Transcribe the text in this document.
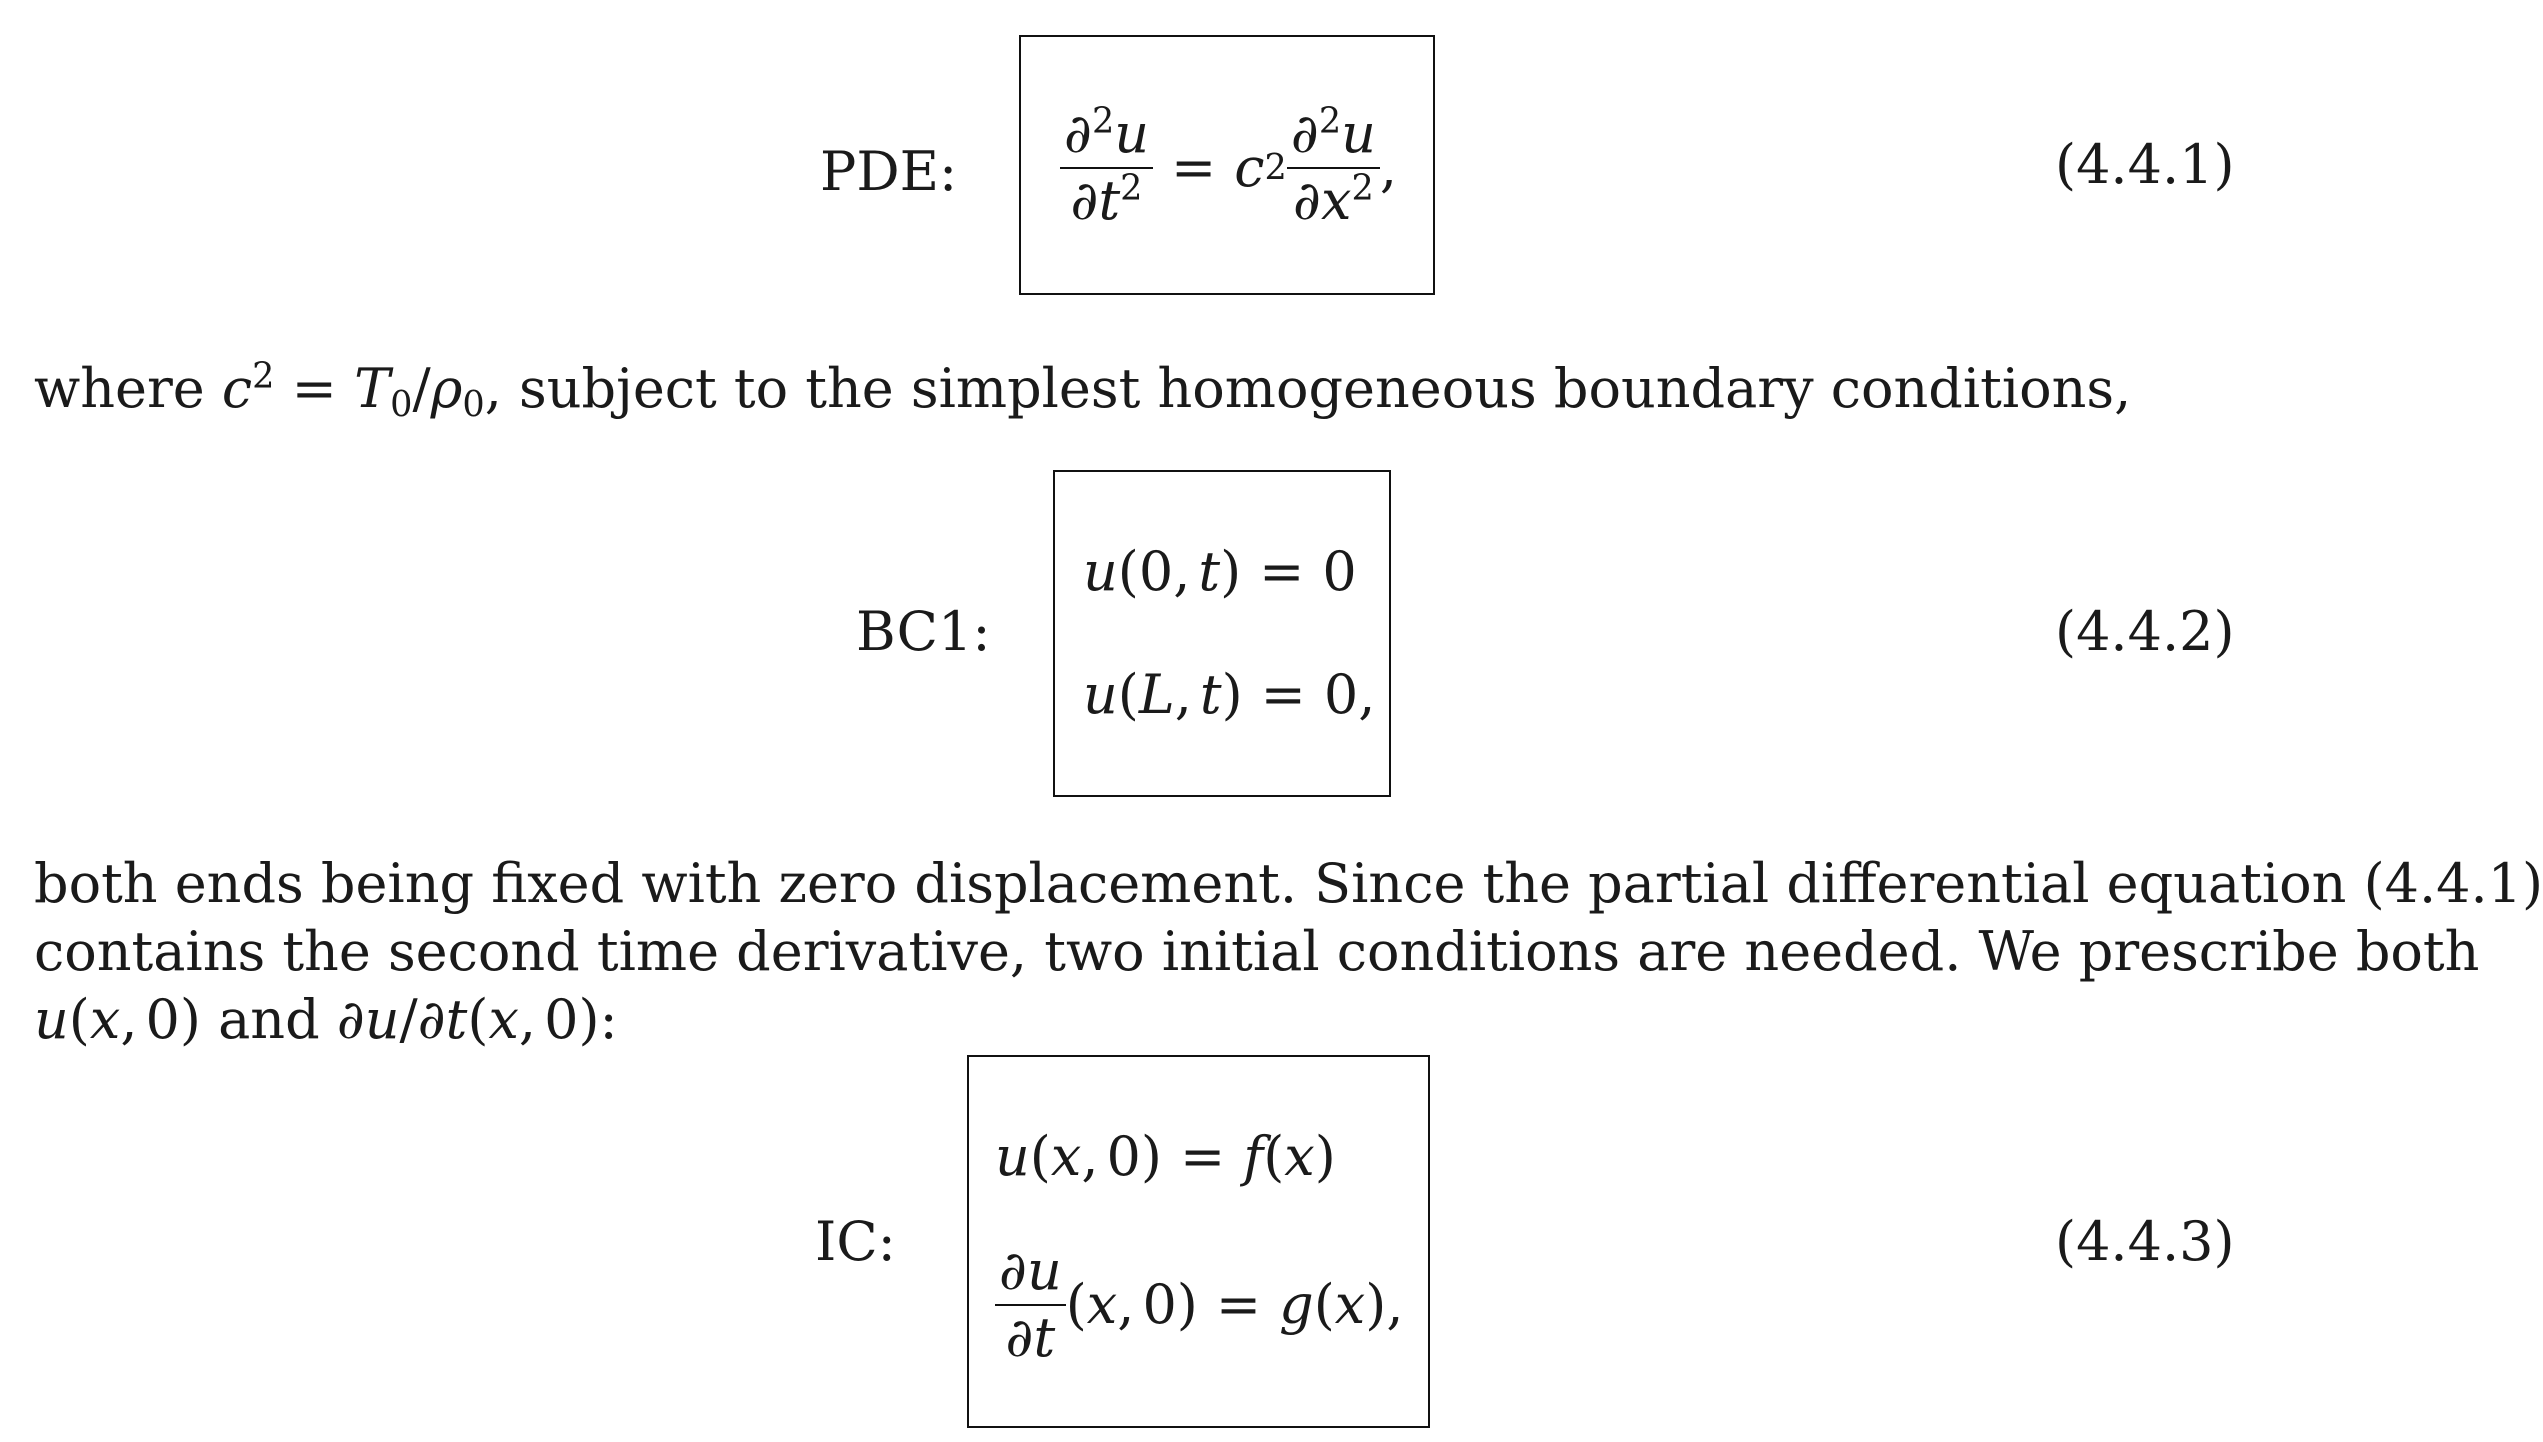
PDE: $\frac{\partial^2u}{\partial t^2} = c$ $2 \frac{\partial^2u}{\partial x^2}$ ,	(4.4.1)
where $c^2 = T_0/\rho_0$, subject to the simplest homogeneous boundary conditions,
BC1:
u (0, t ) = 0
u ( L , t ) = 0,
(4.4.2)
both ends being fixed with zero displacement. Since the partial differential equation (4.4.1)
contains the second time derivative, two initial conditions are needed. We prescribe both
u(x, 0) and ∂u/∂t(x, 0):
IC:
u ( x , 0) = f ( x )
$\frac{\partial u}{\partial t}$ ( x , 0) = g ( x ),
(4.4.3)
